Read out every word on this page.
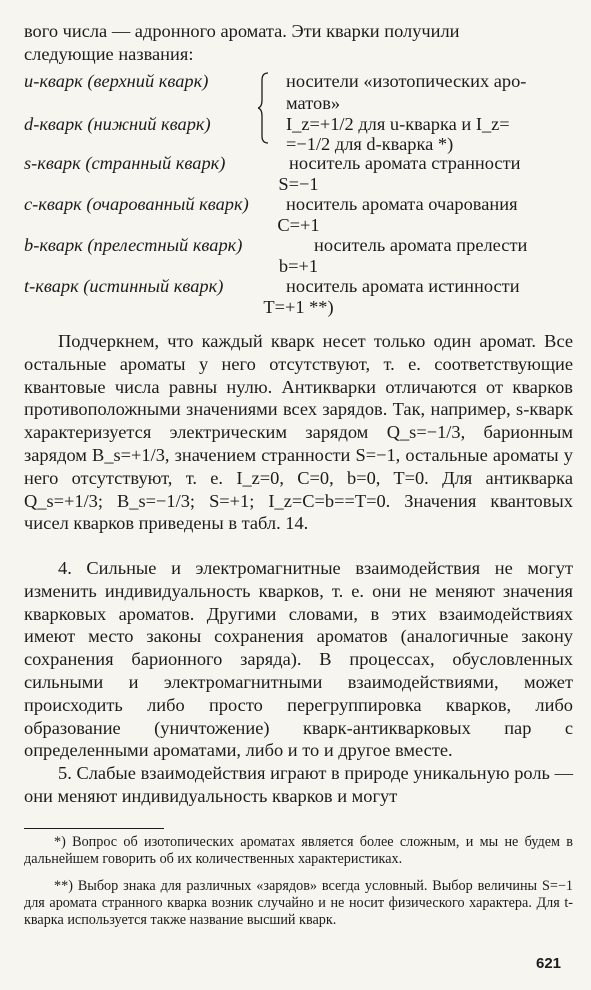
вого числа — адронного аромата. Эти кварки получили
следующие названия:

u-кварк (верхний кварк)	носители «изотопических аро-
матов»
d-кварк (нижний кварк)	I_z=+1/2 для u-кварка и I_z=
=−1/2 для d-кварка *)
s-кварк (странный кварк)	носитель аромата странности
S=−1
c-кварк (очарованный кварк) носитель аромата очарования
C=+1
b-кварк (прелестный кварк)	носитель аромата прелести
b=+1
t-кварк (истинный кварк)	носитель аромата истинности
T=+1 **)

Подчеркнем, что каждый кварк несет только один аромат. Все остальные ароматы у него отсутствуют, т. е. соответствующие квантовые числа равны нулю. Антикварки отличаются от кварков противоположными значениями всех зарядов. Так, например, s-кварк характеризуется электрическим зарядом Q_s=−1/3, барионным зарядом B_s=+1/3, значением странности S=−1, остальные ароматы у него отсутствуют, т. е. I_z=0, C=0, b=0, T=0. Для антикварка Q_s=+1/3; B_s=−1/3; S=+1; I_z=C=b==T=0. Значения квантовых чисел кварков приведены в табл. 14.

4. Сильные и электромагнитные взаимодействия не могут изменить индивидуальность кварков, т. е. они не меняют значения кварковых ароматов. Другими словами, в этих взаимодействиях имеют место законы сохранения ароматов (аналогичные закону сохранения барионного заряда). В процессах, обусловленных сильными и электромагнитными взаимодействиями, может происходить либо просто перегруппировка кварков, либо образование (уничтожение) кварк-антикварковых пар с определенными ароматами, либо и то и другое вместе.

5. Слабые взаимодействия играют в природе уникальную роль — они меняют индивидуальность кварков и могут

*) Вопрос об изотопических ароматах является более сложным, и мы не будем в дальнейшем говорить об их количественных характеристиках.

**) Выбор знака для различных «зарядов» всегда условный. Выбор величины S=−1 для аромата странного кварка возник случайно и не носит физического характера. Для t-кварка используется также название высший кварк.

621
